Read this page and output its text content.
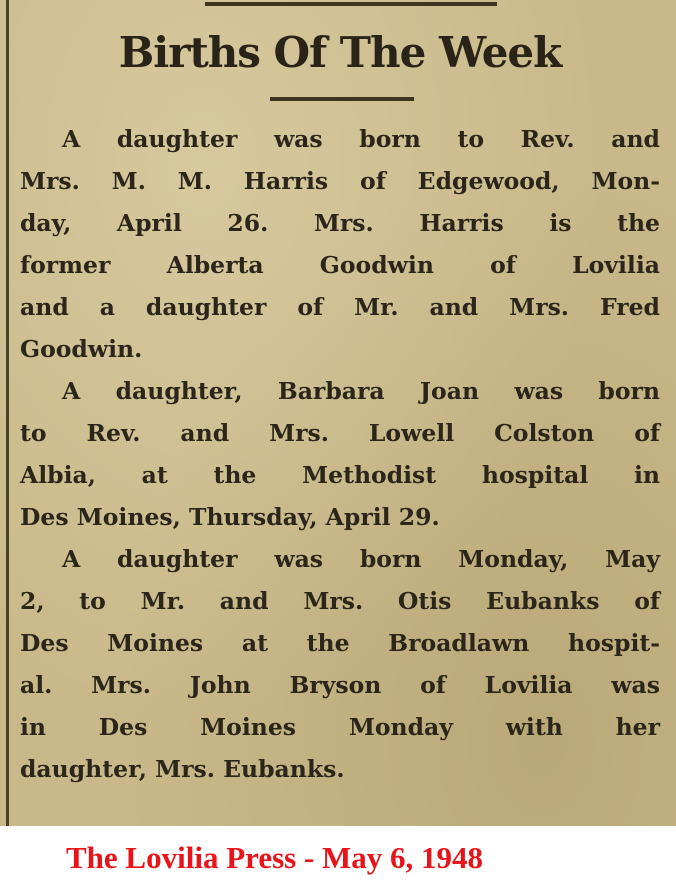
Births Of The Week

A daughter was born to Rev. and
Mrs. M. M. Harris of Edgewood, Mon-
day, April 26. Mrs. Harris is the
former Alberta Goodwin of Lovilia
and a daughter of Mr. and Mrs. Fred
Goodwin.

A daughter, Barbara Joan was born
to Rev. and Mrs. Lowell Colston of
Albia, at the Methodist hospital in
Des Moines, Thursday, April 29.

A daughter was born Monday, May
2, to Mr. and Mrs. Otis Eubanks of
Des Moines at the Broadlawn hospit-
al. Mrs. John Bryson of Lovilia was
in Des Moines Monday with her
daughter, Mrs. Eubanks.

The Lovilia Press - May 6, 1948
